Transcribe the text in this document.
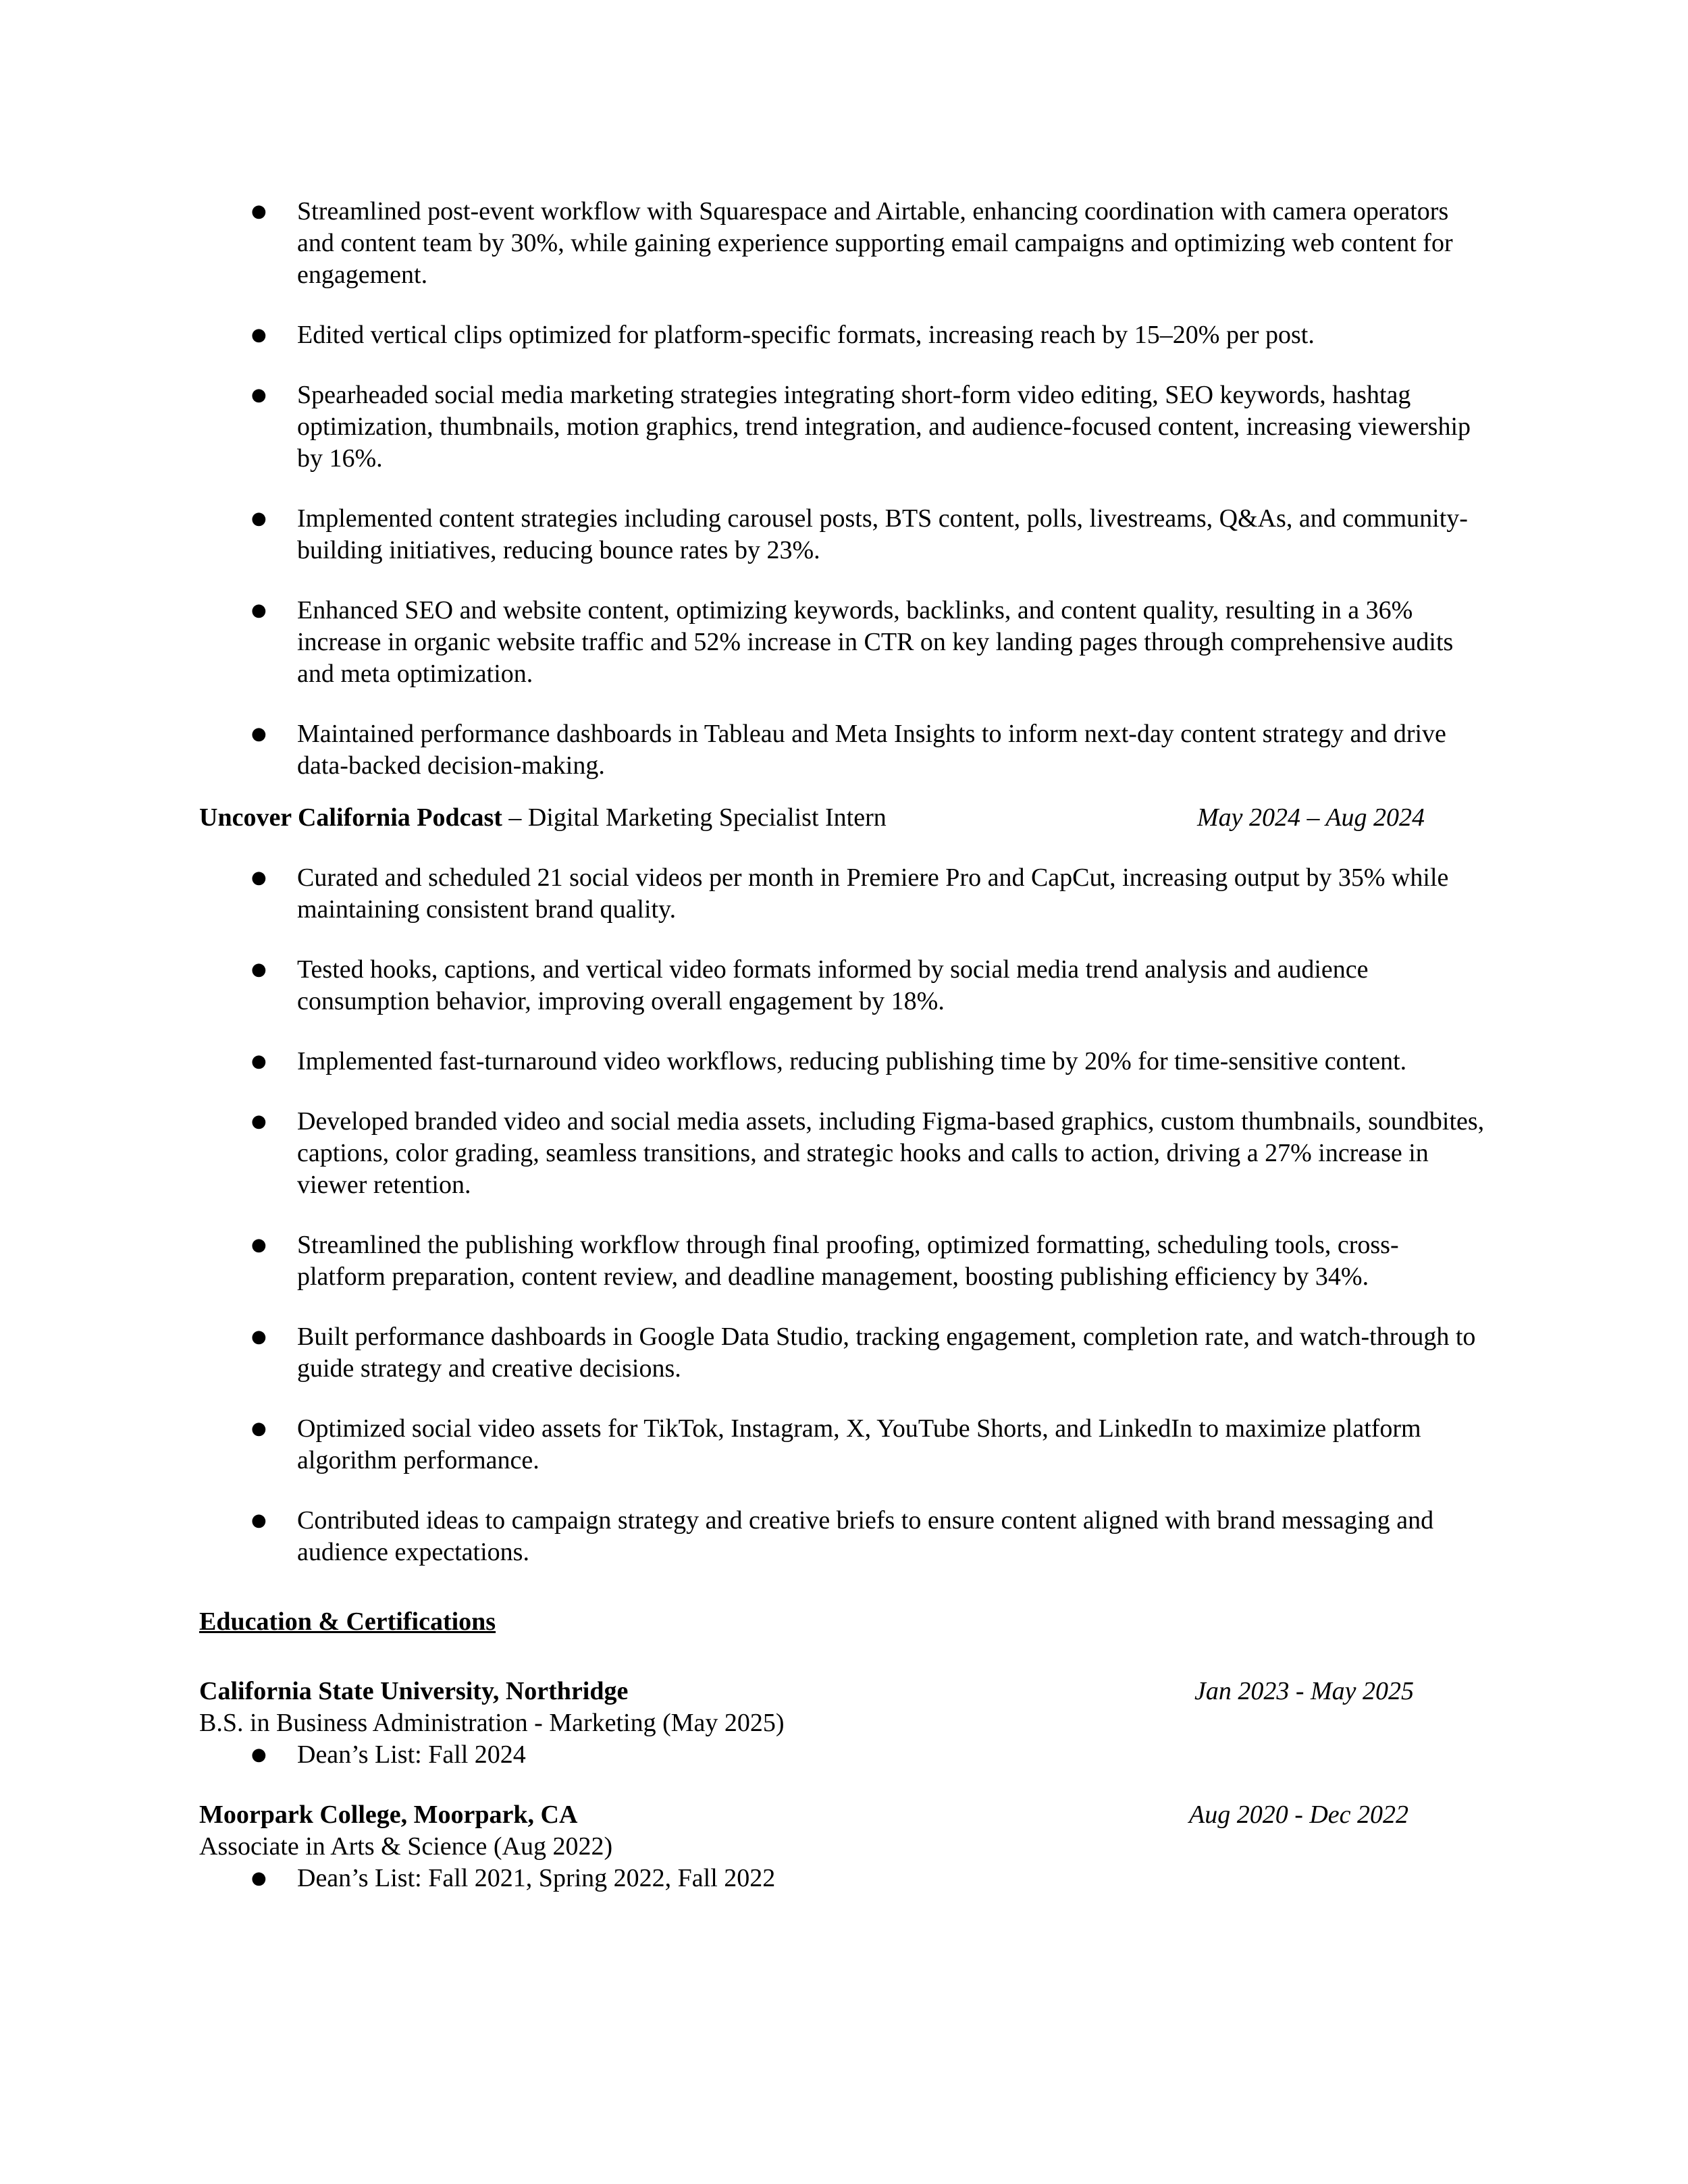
● Streamlined post-event workflow with Squarespace and Airtable, enhancing coordination with camera operators and content team by 30%, while gaining experience supporting email campaigns and optimizing web content for engagement.
● Edited vertical clips optimized for platform-specific formats, increasing reach by 15–20% per post.
● Spearheaded social media marketing strategies integrating short-form video editing, SEO keywords, hashtag optimization, thumbnails, motion graphics, trend integration, and audience-focused content, increasing viewership by 16%.
● Implemented content strategies including carousel posts, BTS content, polls, livestreams, Q&As, and community-building initiatives, reducing bounce rates by 23%.
● Enhanced SEO and website content, optimizing keywords, backlinks, and content quality, resulting in a 36% increase in organic website traffic and 52% increase in CTR on key landing pages through comprehensive audits and meta optimization.
● Maintained performance dashboards in Tableau and Meta Insights to inform next-day content strategy and drive data-backed decision-making.
Uncover California Podcast – Digital Marketing Specialist Intern	May 2024 – Aug 2024
● Curated and scheduled 21 social videos per month in Premiere Pro and CapCut, increasing output by 35% while maintaining consistent brand quality.
● Tested hooks, captions, and vertical video formats informed by social media trend analysis and audience consumption behavior, improving overall engagement by 18%.
● Implemented fast-turnaround video workflows, reducing publishing time by 20% for time-sensitive content.
● Developed branded video and social media assets, including Figma-based graphics, custom thumbnails, soundbites, captions, color grading, seamless transitions, and strategic hooks and calls to action, driving a 27% increase in viewer retention.
● Streamlined the publishing workflow through final proofing, optimized formatting, scheduling tools, cross-platform preparation, content review, and deadline management, boosting publishing efficiency by 34%.
● Built performance dashboards in Google Data Studio, tracking engagement, completion rate, and watch-through to guide strategy and creative decisions.
● Optimized social video assets for TikTok, Instagram, X, YouTube Shorts, and LinkedIn to maximize platform algorithm performance.
● Contributed ideas to campaign strategy and creative briefs to ensure content aligned with brand messaging and audience expectations.
Education & Certifications
California State University, Northridge	Jan 2023 - May 2025
B.S. in Business Administration - Marketing (May 2025)
● Dean’s List: Fall 2024
Moorpark College, Moorpark, CA	Aug 2020 - Dec 2022
Associate in Arts & Science (Aug 2022)
● Dean’s List: Fall 2021, Spring 2022, Fall 2022
